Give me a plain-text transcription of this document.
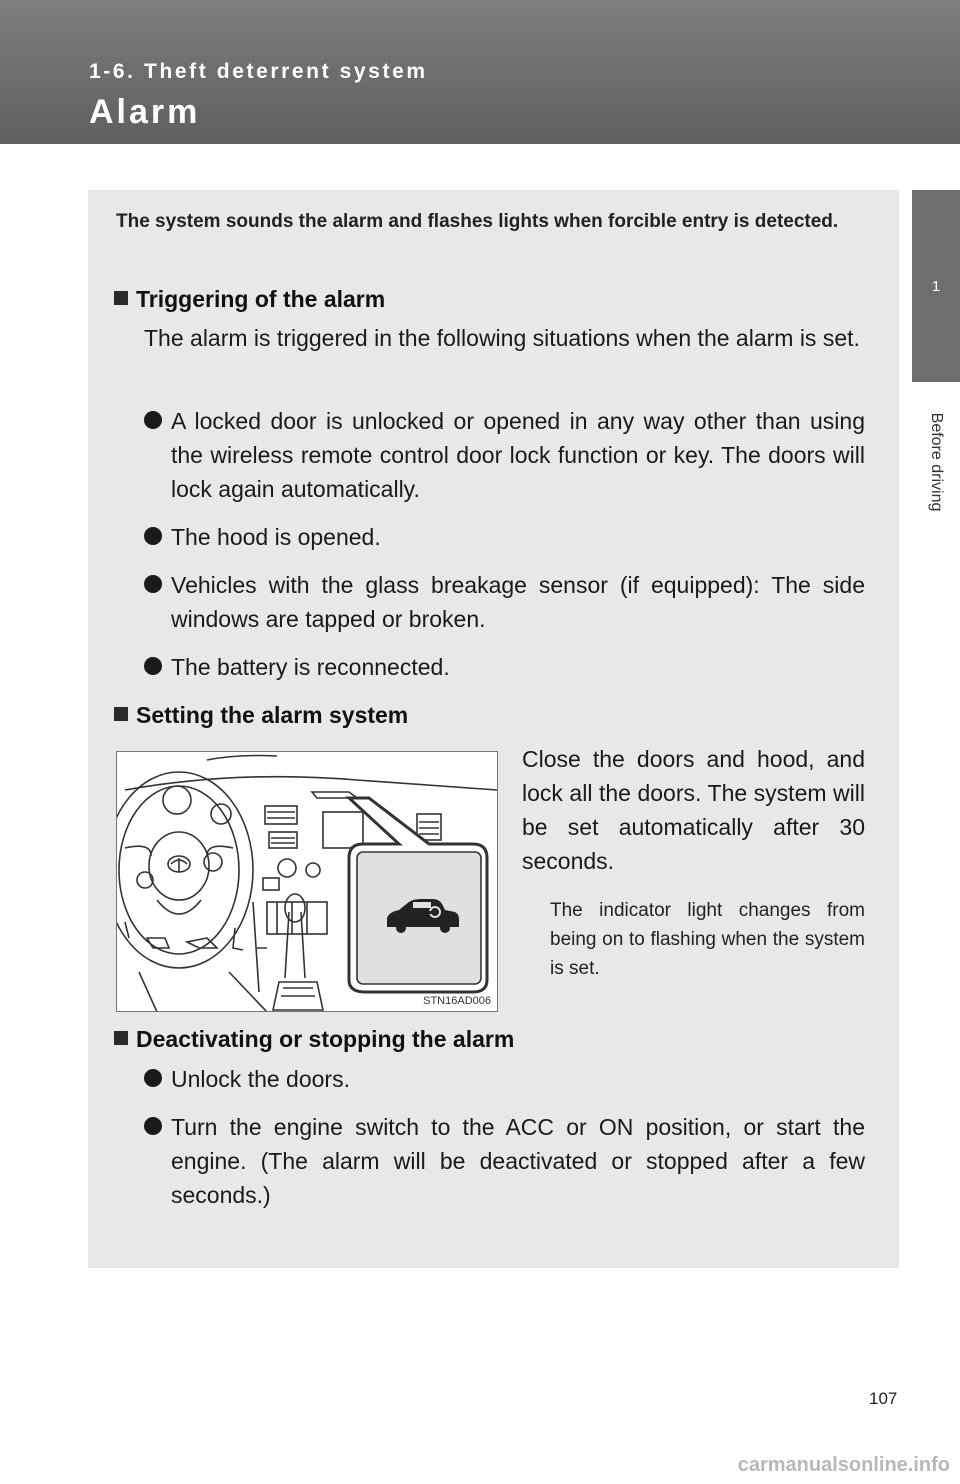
1-6. Theft deterrent system
Alarm
1
Before driving
The system sounds the alarm and flashes lights when forcible entry is detected.
Triggering of the alarm
The alarm is triggered in the following situations when the alarm is set.
A locked door is unlocked or opened in any way other than using the wireless remote control door lock function or key. The doors will lock again automatically.
The hood is opened.
Vehicles with the glass breakage sensor (if equipped): The side windows are tapped or broken.
The battery is reconnected.
Setting the alarm system
STN16AD006
Close the doors and hood, and lock all the doors. The system will be set automatically after 30 seconds.
The indicator light changes from being on to flashing when the system is set.
Deactivating or stopping the alarm
Unlock the doors.
Turn the engine switch to the ACC or ON position, or start the engine. (The alarm will be deactivated or stopped after a few seconds.)
107
carmanualsonline.info
